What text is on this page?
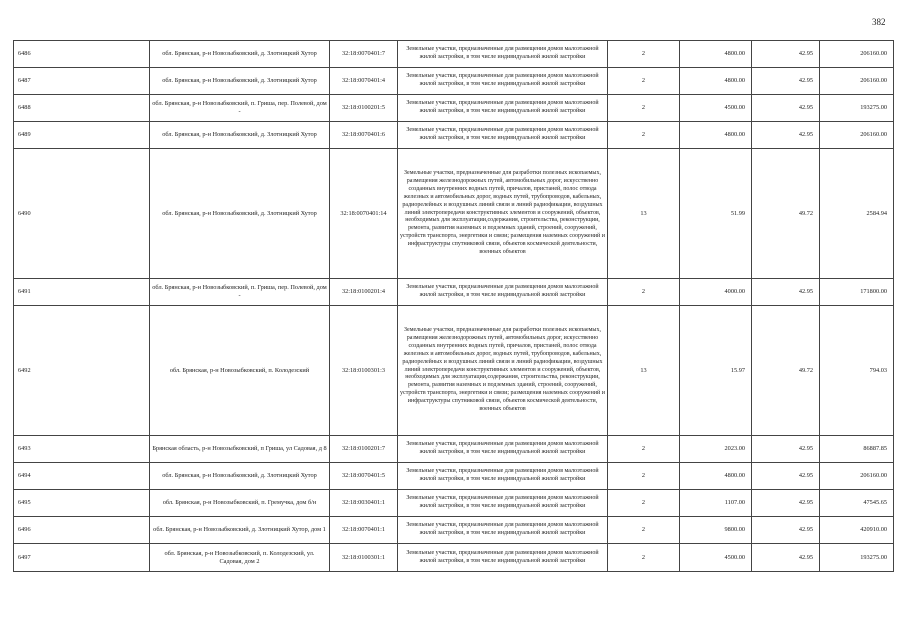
382
6486	обл. Брянская, р-н Новозыбковский, д. Злотницкий Хутор	32:18:0070401:7	Земельные участки, предназначенные для размещения домов малоэтажной жилой застройки, в том числе индивидуальной жилой застройки	2	4800.00	42.95	206160.00
6487	обл. Брянская, р-н Новозыбковский, д. Злотницкий Хутор	32:18:0070401:4	Земельные участки, предназначенные для размещения домов малоэтажной жилой застройки, в том числе индивидуальной жилой застройки	2	4800.00	42.95	206160.00
6488	обл. Брянская, р-н Новозыбковский, п. Гриша, пер. Полевой, дом -	32:18:0100201:5	Земельные участки, предназначенные для размещения домов малоэтажной жилой застройки, в том числе индивидуальной жилой застройки	2	4500.00	42.95	193275.00
6489	обл. Брянская, р-н Новозыбковский, д. Злотницкий Хутор	32:18:0070401:6	Земельные участки, предназначенные для размещения домов малоэтажной жилой застройки, в том числе индивидуальной жилой застройки	2	4800.00	42.95	206160.00
6490	обл. Брянская, р-н Новозыбковский, д. Злотницкий Хутор	32:18:0070401:14	Земельные участки, предназначенные для разработки полезных ископаемых, размещения железнодорожных путей, автомобильных дорог, искусственно созданных внутренних водных путей, причалов, пристаней, полос отвода железных и автомобильных дорог, водных путей, трубопроводов, кабельных, радиорелейных и воздушных линий связи и линий радиофикации, воздушных линий электропередачи конструктивных элементов и сооружений, объектов, необходимых для эксплуатации,содержания, строительства, реконструкции, ремонта, развития наземных и подземных зданий, строений, сооружений, устройств транспорта, энергетики и связи; размещения наземных сооружений и инфраструктуры спутниковой связи, объектов космической деятельности, военных объектов	13	51.99	49.72	2584.94
6491	обл. Брянская, р-н Новозыбковский, п. Гриша, пер. Полевой, дом -	32:18:0100201:4	Земельные участки, предназначенные для размещения домов малоэтажной жилой застройки, в том числе индивидуальной жилой застройки	2	4000.00	42.95	171800.00
6492	обл. Брянская, р-н Новозыбковский, п. Колодезский	32:18:0100301:3	Земельные участки, предназначенные для разработки полезных ископаемых, размещения железнодорожных путей, автомобильных дорог, искусственно созданных внутренних водных путей, причалов, пристаней, полос отвода железных и автомобильных дорог, водных путей, трубопроводов, кабельных, радиорелейных и воздушных линий связи и линий радиофикации, воздушных линий электропередачи конструктивных элементов и сооружений, объектов, необходимых для эксплуатации,содержания, строительства, реконструкции, ремонта, развития наземных и подземных зданий, строений, сооружений, устройств транспорта, энергетики и связи; размещения наземных сооружений и инфраструктуры спутниковой связи, объектов космической деятельности, военных объектов	13	15.97	49.72	794.03
6493	Брянская область, р-н Новозыбковский, п Гриша, ул Садовая, д 8	32:18:0100201:7	Земельные участки, предназначенные для размещения домов малоэтажной жилой застройки, в том числе индивидуальной жилой застройки	2	2023.00	42.95	86887.85
6494	обл. Брянская, р-н Новозыбковский, д. Злотницкий Хутор	32:18:0070401:5	Земельные участки, предназначенные для размещения домов малоэтажной жилой застройки, в том числе индивидуальной жилой застройки	2	4800.00	42.95	206160.00
6495	обл. Брянская, р-н Новозыбковский, п. Гремучка, дом б/н	32:18:0030401:1	Земельные участки, предназначенные для размещения домов малоэтажной жилой застройки, в том числе индивидуальной жилой застройки	2	1107.00	42.95	47545.65
6496	обл. Брянская, р-н Новозыбковский, д. Злотницкий Хутор, дом 1	32:18:0070401:1	Земельные участки, предназначенные для размещения домов малоэтажной жилой застройки, в том числе индивидуальной жилой застройки	2	9800.00	42.95	420910.00
6497	обл. Брянская, р-н Новозыбковский, п. Колодезский, ул. Садовая, дом 2	32:18:0100301:1	Земельные участки, предназначенные для размещения домов малоэтажной жилой застройки, в том числе индивидуальной жилой застройки	2	4500.00	42.95	193275.00
